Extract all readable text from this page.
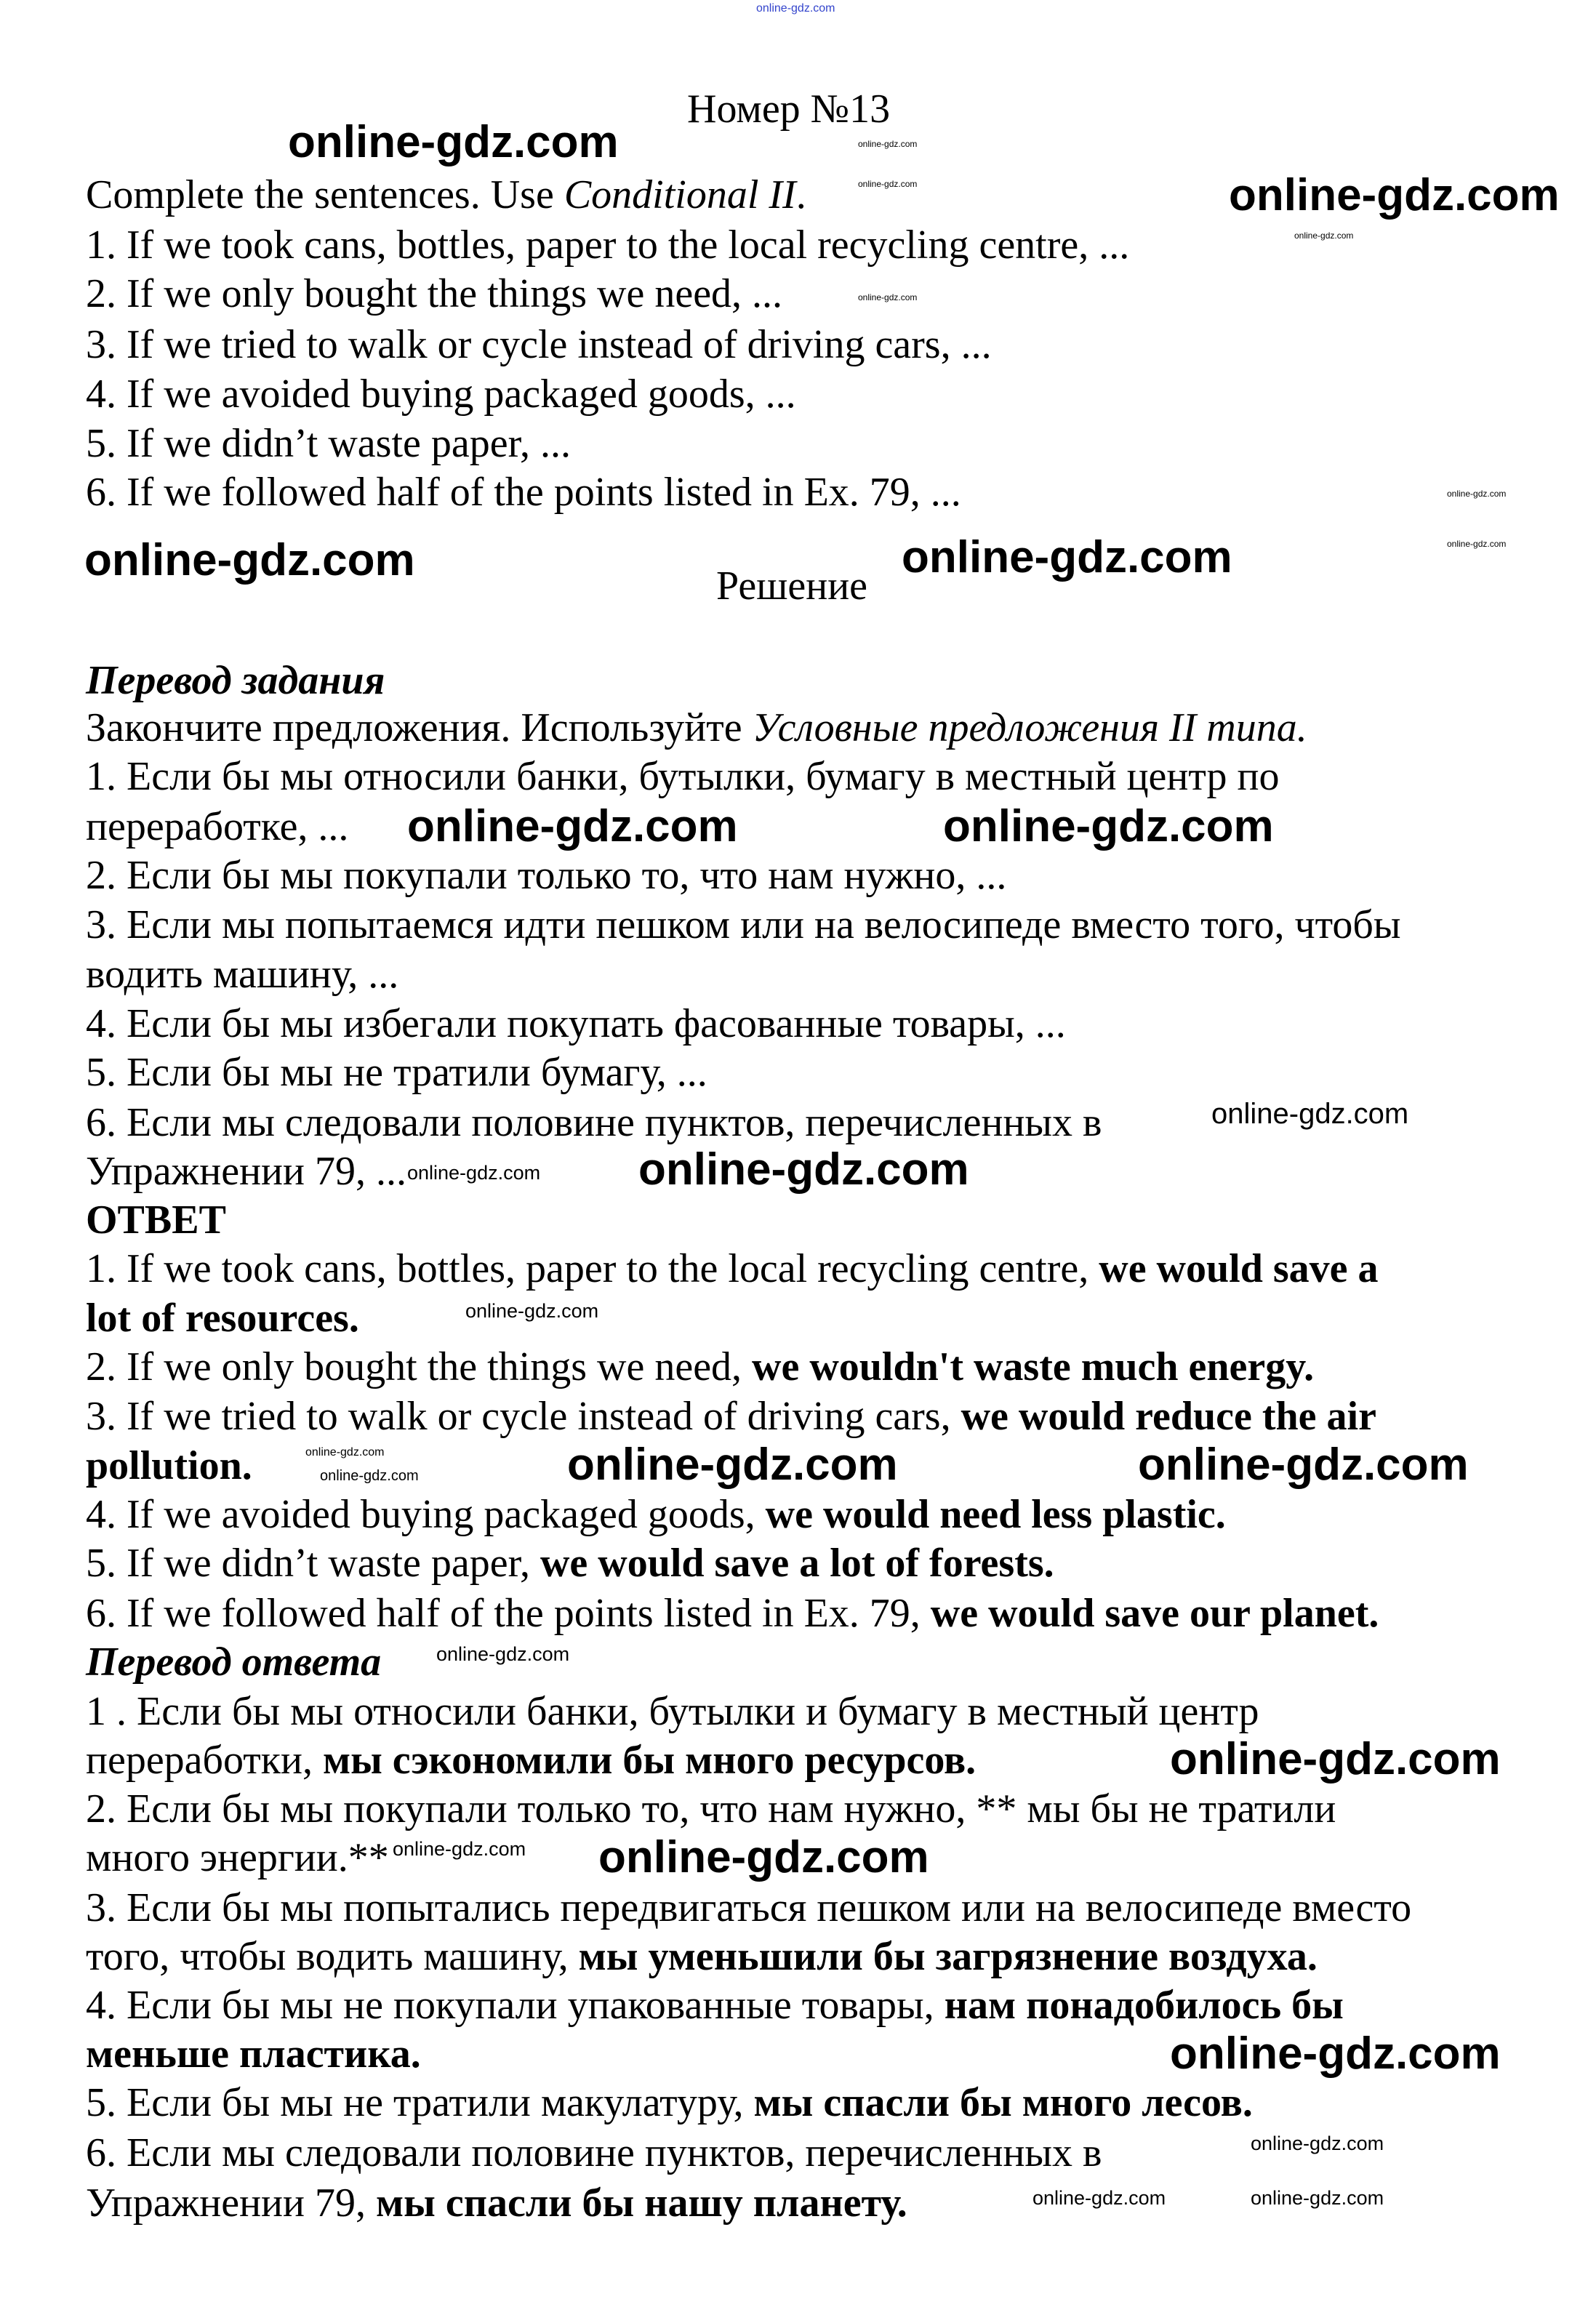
online-gdz.com
Номер №13
Complete the sentences. Use Conditional II.
1. If we took cans, bottles, paper to the local recycling centre, ...
2. If we only bought the things we need, ...
3. If we tried to walk or cycle instead of driving cars, ...
4. If we avoided buying packaged goods, ...
5. If we didn’t waste paper, ...
6. If we followed half of the points listed in Ex. 79, ...
Решение
Перевод задания
Закончите предложения. Используйте Условные предложения II типа.
1. Если бы мы относили банки, бутылки, бумагу в местный центр по
переработке, ...
2. Если бы мы покупали только то, что нам нужно, ...
3. Если мы попытаемся идти пешком или на велосипеде вместо того, чтобы
водить машину, ...
4. Если бы мы избегали покупать фасованные товары, ...
5. Если бы мы не тратили бумагу, ...
6. Если мы следовали половине пунктов, перечисленных в
Упражнении 79, ...
ОТВЕТ
1. If we took cans, bottles, paper to the local recycling centre, we would save a
lot of resources.
2. If we only bought the things we need, we wouldn't waste much energy.
3. If we tried to walk or cycle instead of driving cars, we would reduce the air
pollution.
4. If we avoided buying packaged goods, we would need less plastic.
5. If we didn’t waste paper, we would save a lot of forests.
6. If we followed half of the points listed in Ex. 79, we would save our planet.
Перевод ответа
1 . Если бы мы относили банки, бутылки и бумагу в местный центр
переработки, мы сэкономили бы много ресурсов.
2. Если бы мы покупали только то, что нам нужно, ** мы бы не тратили
много энергии.**
3. Если бы мы попытались передвигаться пешком или на велосипеде вместо
того, чтобы водить машину, мы уменьшили бы загрязнение воздуха.
4. Если бы мы не покупали упакованные товары, нам понадобилось бы
меньше пластика.
5. Если бы мы не тратили макулатуру, мы спасли бы много лесов.
6. Если мы следовали половине пунктов, перечисленных в
Упражнении 79, мы спасли бы нашу планету.
online-gdz.com
online-gdz.com
online-gdz.com	online-gdz.com
online-gdz.com	online-gdz.com
online-gdz.com
online-gdz.com	online-gdz.com
online-gdz.com
online-gdz.com
online-gdz.com
online-gdz.com
online-gdz.com
online-gdz.com
online-gdz.com
online-gdz.com
online-gdz.com
online-gdz.com
online-gdz.com
online-gdz.com	online-gdz.com
online-gdz.com
online-gdz.com
online-gdz.com
online-gdz.com
online-gdz.com
online-gdz.com
